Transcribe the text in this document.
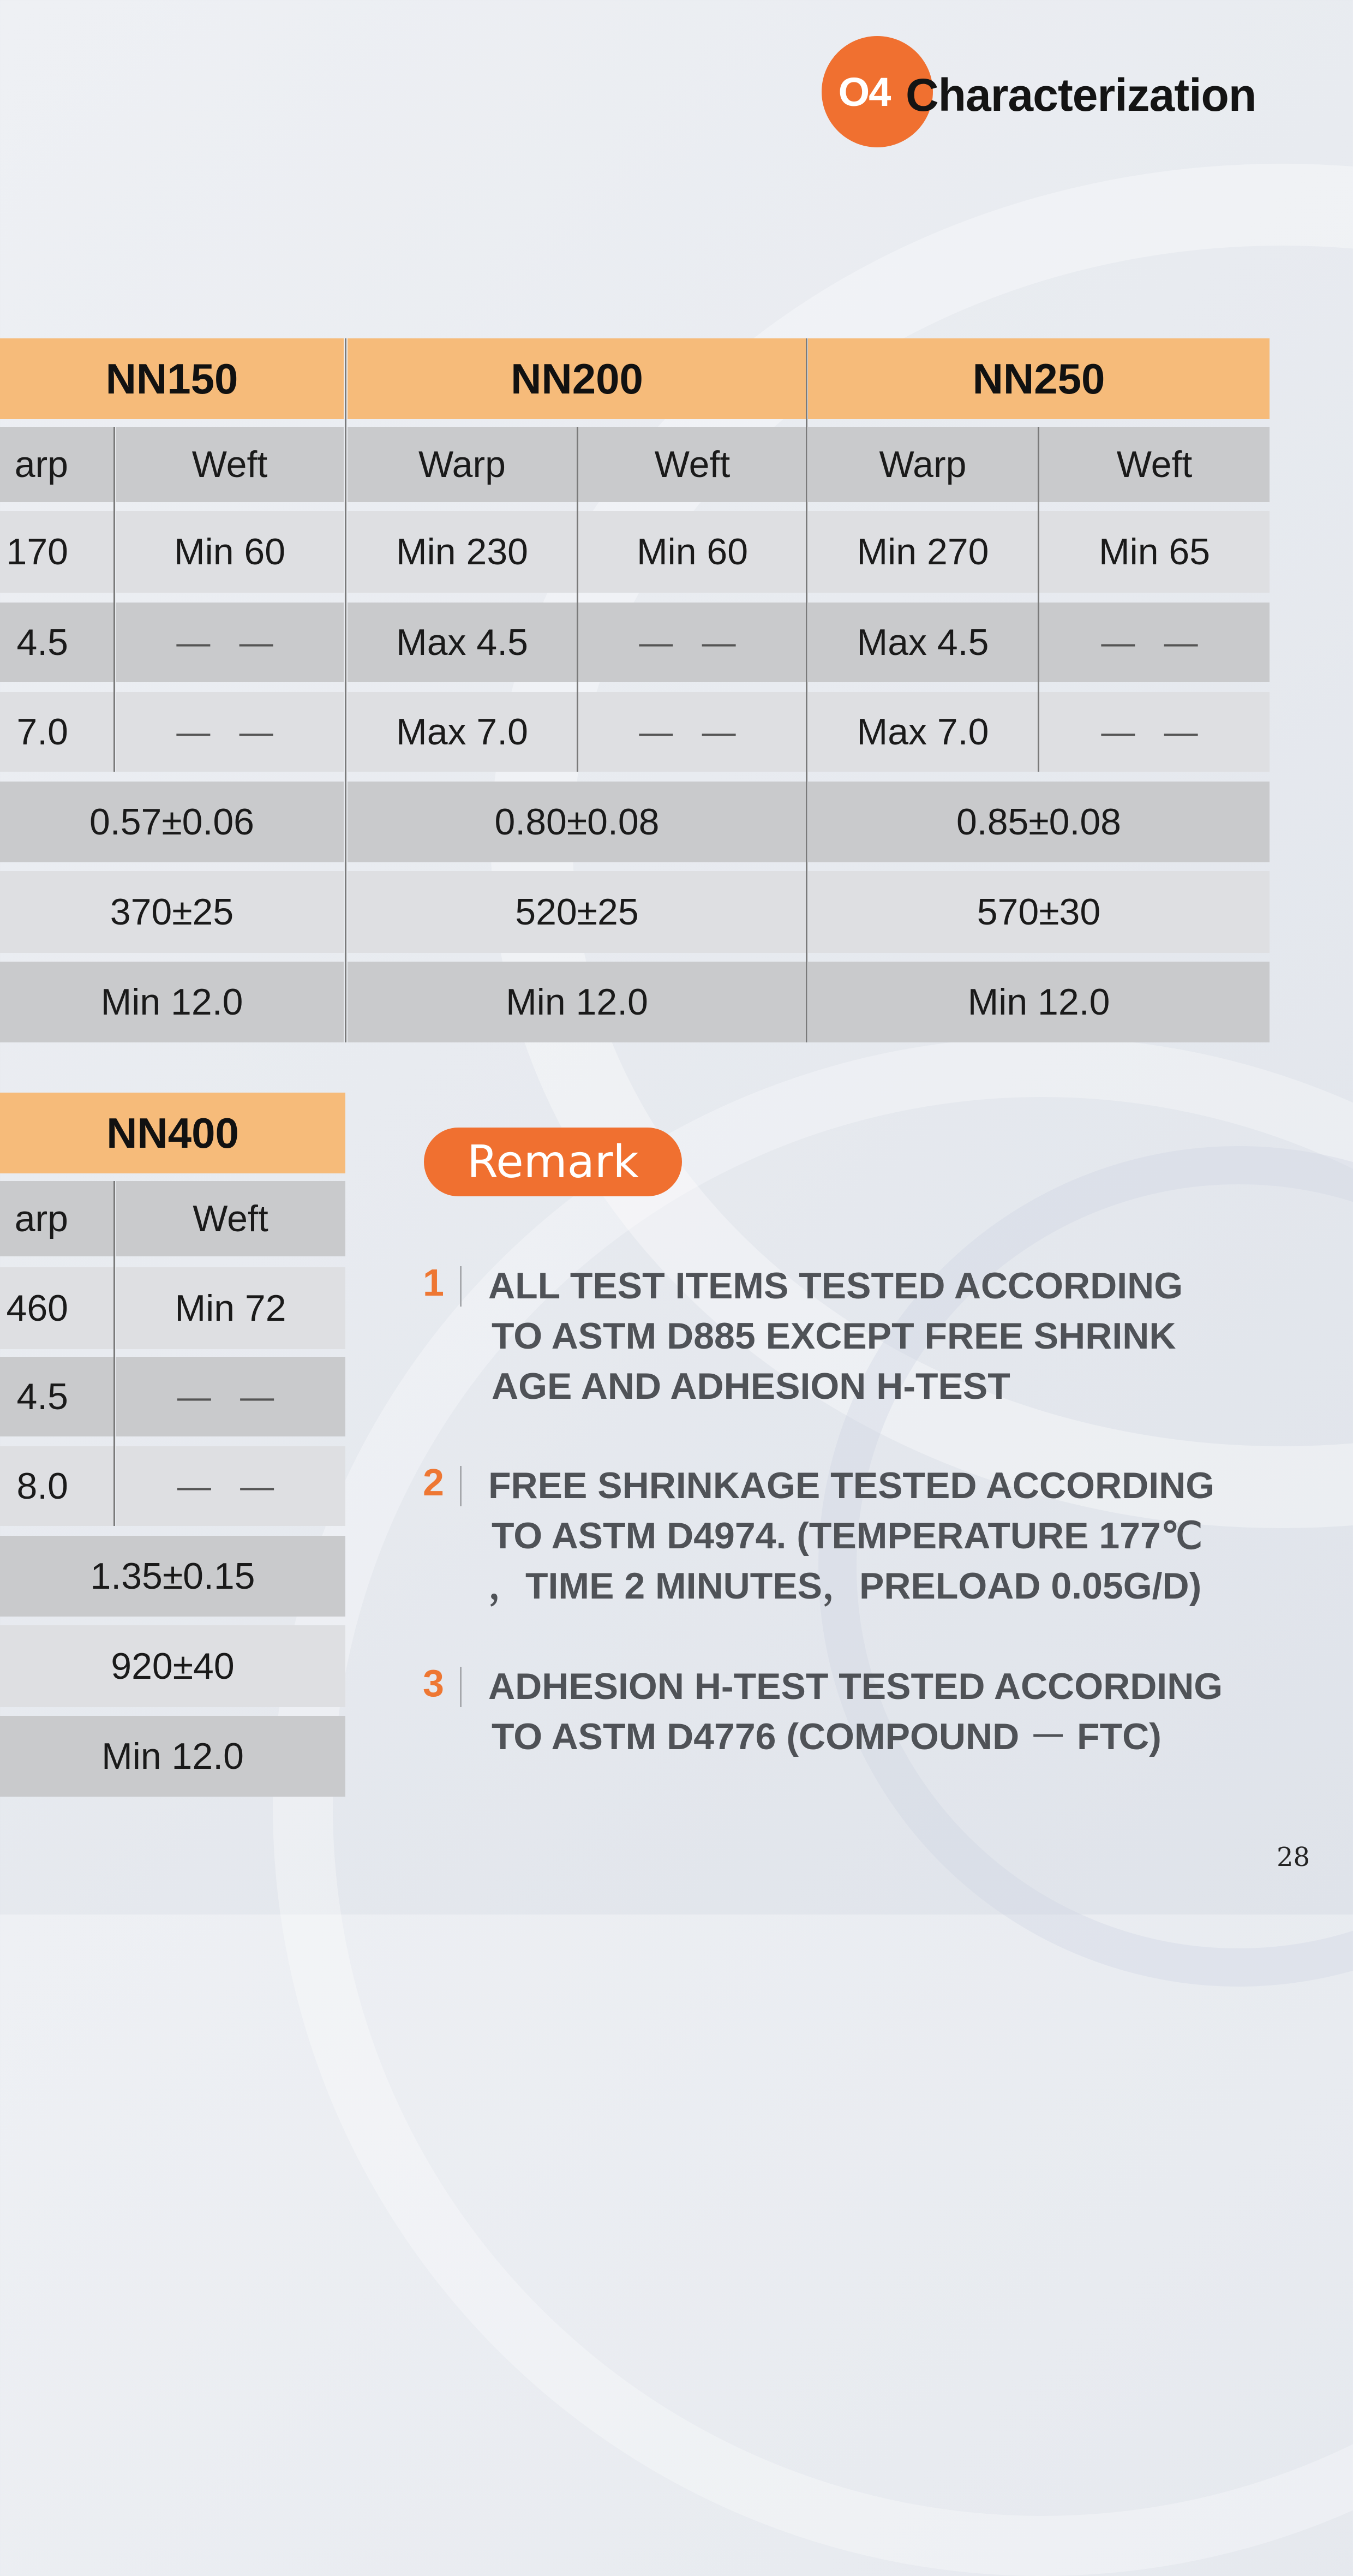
O4 Characterization
NN150	NN200	NN250
arp	Weft	Warp	Weft	Warp	Weft
170	Min 60	Min 230	Min 60	Min 270	Min 65
4.5	— —	Max 4.5	— —	Max 4.5	— —
7.0	— —	Max 7.0	— —	Max 7.0	— —
0.57±0.06	0.80±0.08	0.85±0.08
370±25	520±25	570±30
Min 12.0	Min 12.0	Min 12.0
NN400
arp	Weft
460	Min 72
4.5	— —
8.0	— —
1.35±0.15
920±40
Min 12.0
Remark
1 ALL TEST ITEMS TESTED ACCORDING
TO ASTM D885 EXCEPT FREE SHRINK
AGE AND ADHESION H-TEST
2 FREE SHRINKAGE TESTED ACCORDING
TO ASTM D4974. (TEMPERATURE 177℃
，TIME 2 MINUTES，PRELOAD 0.05G/D)
3 ADHESION H-TEST TESTED ACCORDING
TO ASTM D4776 (COMPOUND － FTC)
28
